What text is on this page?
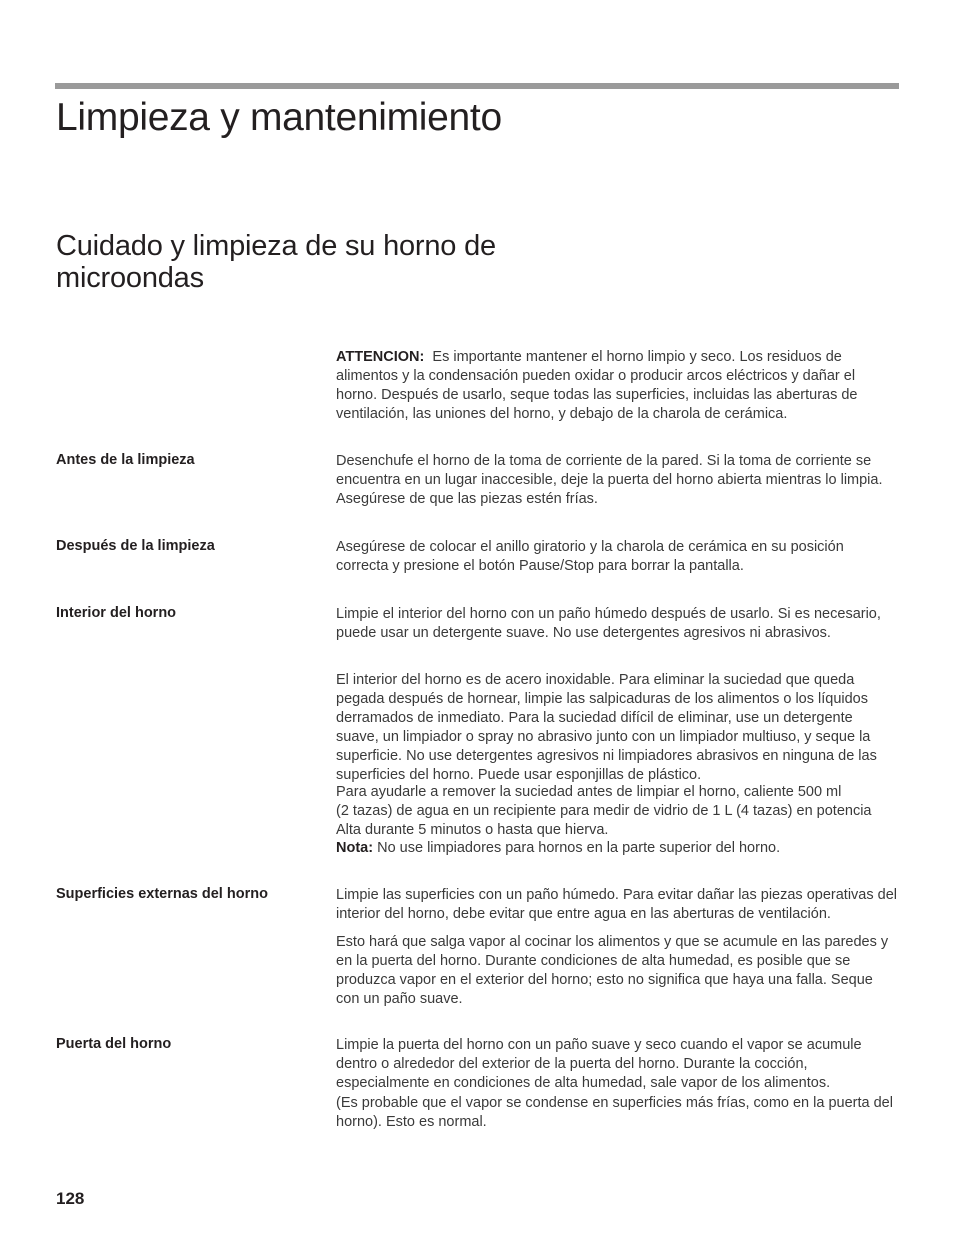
Limpieza y mantenimiento
Cuidado y limpieza de su horno de microondas

ATTENCION: Es importante mantener el horno limpio y seco. Los residuos de alimentos y la condensación pueden oxidar o producir arcos eléctricos y dañar el horno. Después de usarlo, seque todas las superficies, incluidas las aberturas de ventilación, las uniones del horno, y debajo de la charola de cerámica.

Antes de la limpieza	Desenchufe el horno de la toma de corriente de la pared. Si la toma de corriente se encuentra en un lugar inaccesible, deje la puerta del horno abierta mientras lo limpia. Asegúrese de que las piezas estén frías.

Después de la limpieza	Asegúrese de colocar el anillo giratorio y la charola de cerámica en su posición correcta y presione el botón Pause/Stop para borrar la pantalla.

Interior del horno	Limpie el interior del horno con un paño húmedo después de usarlo. Si es necesario, puede usar un detergente suave. No use detergentes agresivos ni abrasivos.

El interior del horno es de acero inoxidable. Para eliminar la suciedad que queda pegada después de hornear, limpie las salpicaduras de los alimentos o los líquidos derramados de inmediato. Para la suciedad difícil de eliminar, use un detergente suave, un limpiador o spray no abrasivo junto con un limpiador multiuso, y seque la superficie. No use detergentes agresivos ni limpiadores abrasivos en ninguna de las superficies del horno. Puede usar esponjillas de plástico.

Para ayudarle a remover la suciedad antes de limpiar el horno, caliente 500 ml

(2 tazas) de agua en un recipiente para medir de vidrio de 1 L (4 tazas) en potencia Alta durante 5 minutos o hasta que hierva.

Nota: No use limpiadores para hornos en la parte superior del horno.

Superficies externas del horno	Limpie las superficies con un paño húmedo. Para evitar dañar las piezas operativas del interior del horno, debe evitar que entre agua en las aberturas de ventilación.

Esto hará que salga vapor al cocinar los alimentos y que se acumule en las paredes y en la puerta del horno. Durante condiciones de alta humedad, es posible que se produzca vapor en el exterior del horno; esto no significa que haya una falla. Seque con un paño suave.

Puerta del horno	Limpie la puerta del horno con un paño suave y seco cuando el vapor se acumule dentro o alrededor del exterior de la puerta del horno. Durante la cocción, especialmente en condiciones de alta humedad, sale vapor de los alimentos.

(Es probable que el vapor se condense en superficies más frías, como en la puerta del horno). Esto es normal.

128
